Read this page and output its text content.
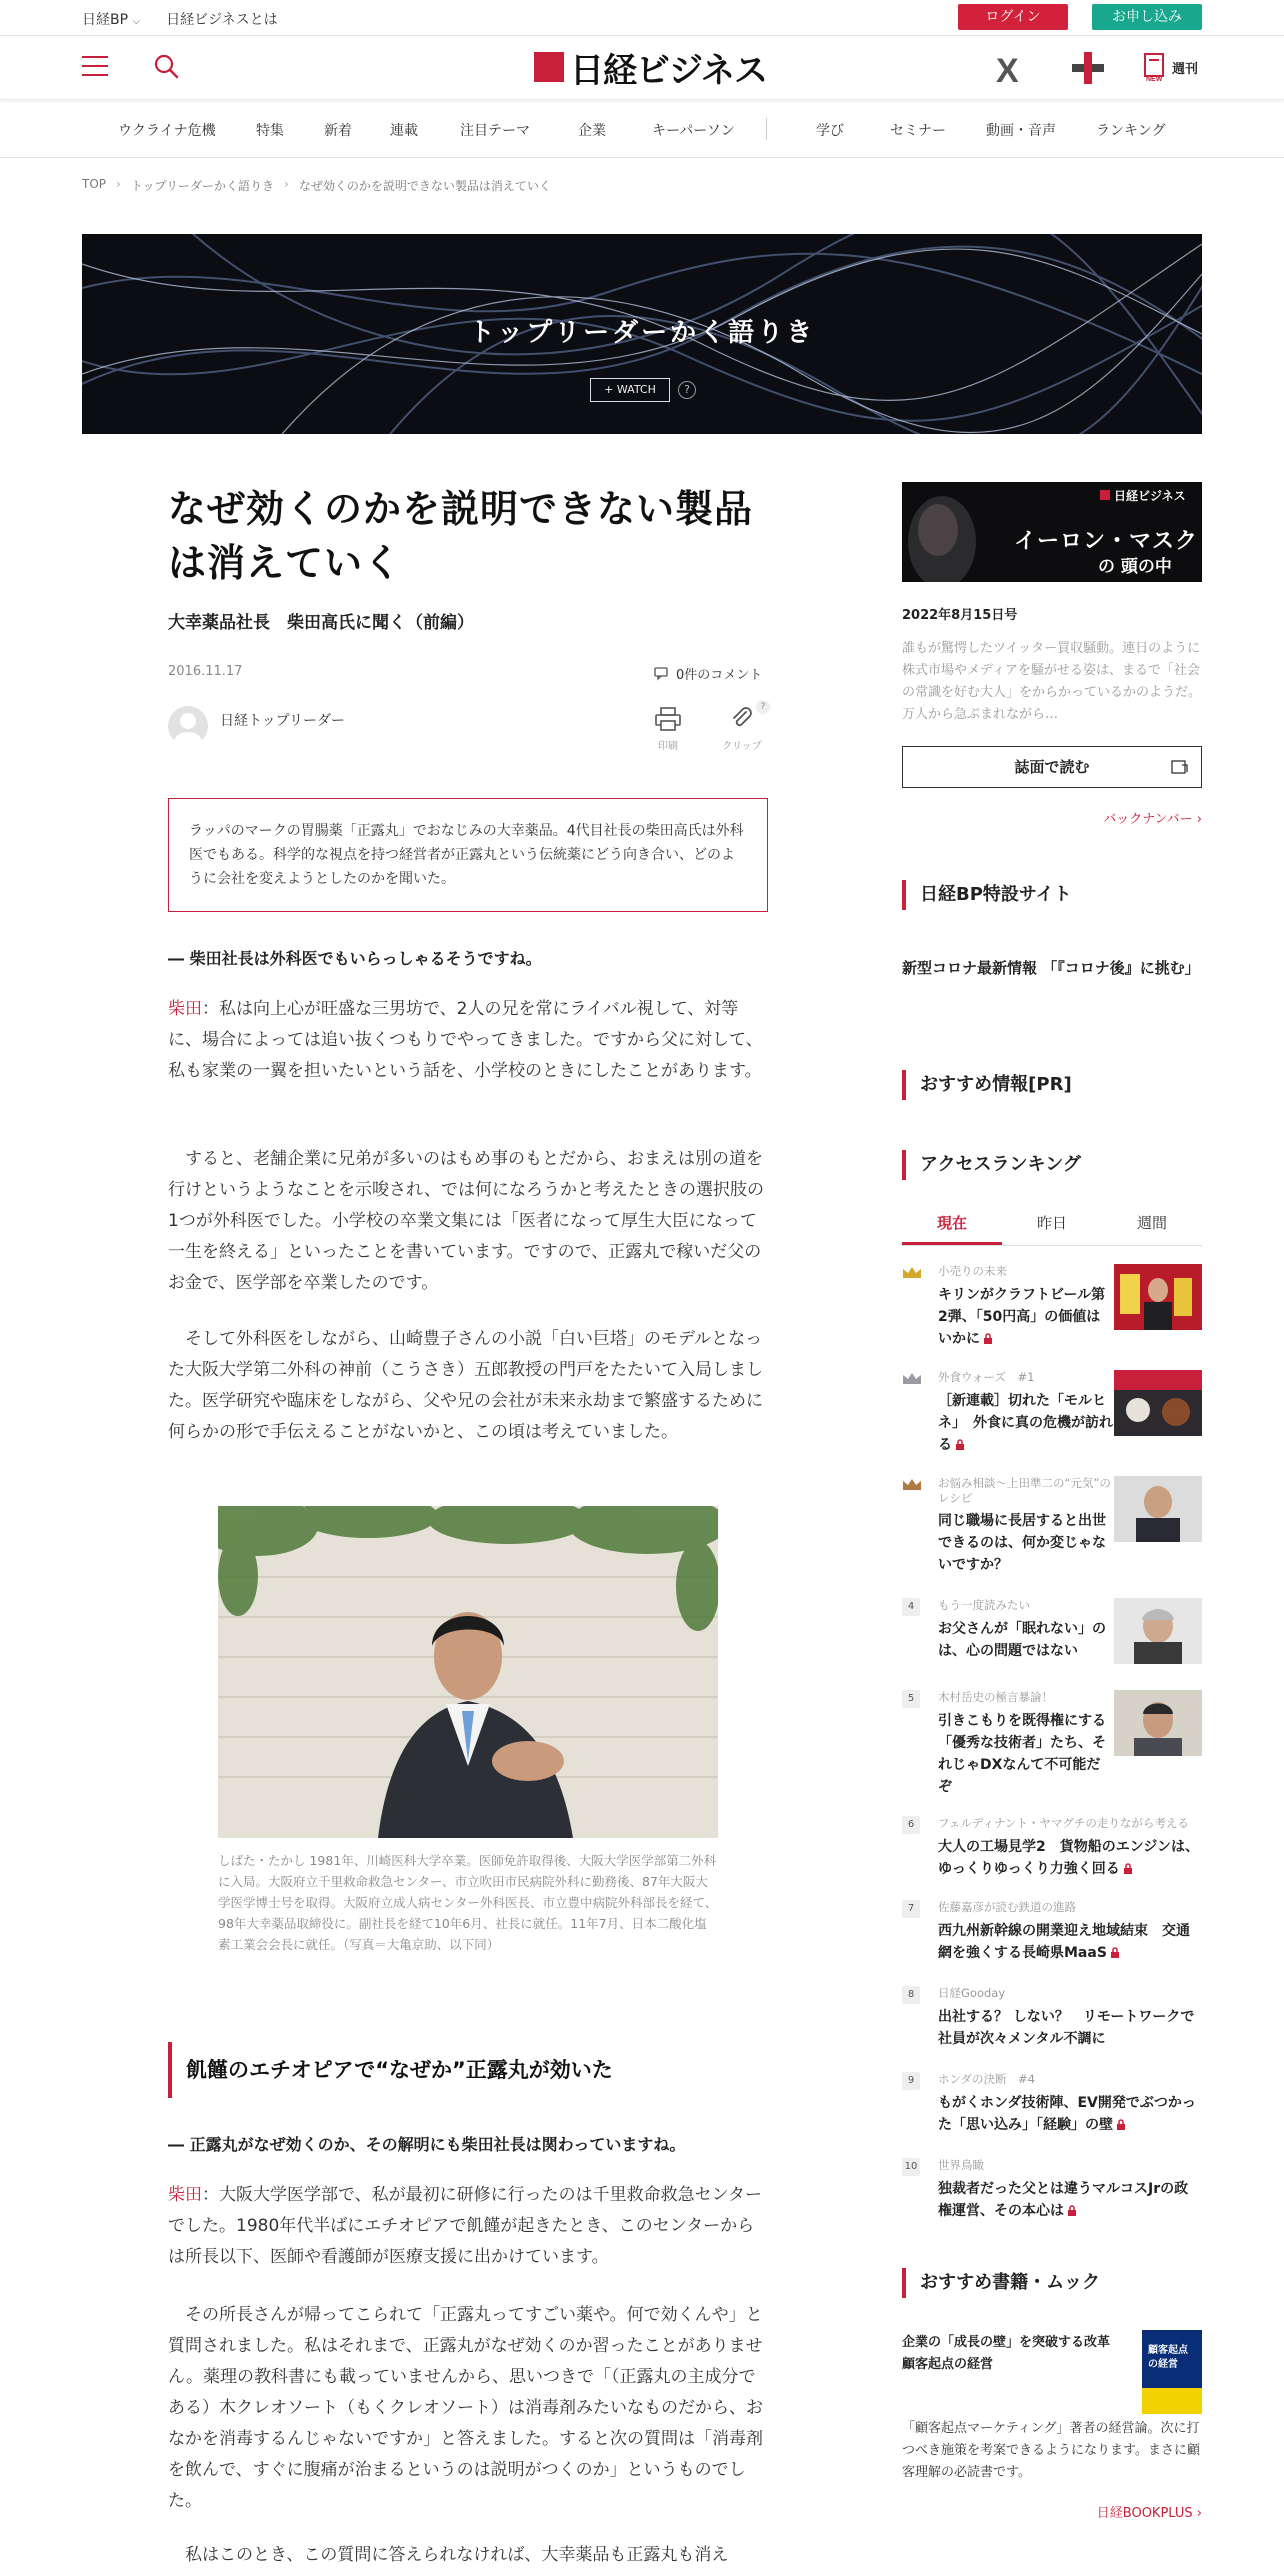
日経BP ⌵ 日経ビジネスとは	ログイン	お申し込み
日経ビジネス	X	NEW
週刊
ウクライナ危機	特集	新着	連載	注目テーマ	企業	キーパーソン	学び	セミナー	動画・音声	ランキング
TOP › トップリーダーかく語りき › なぜ効くのかを説明できない製品は消えていく
トップリーダーかく語りき
+ WATCH	?
なぜ効くのかを説明できない製品は消えていく
大幸薬品社長　柴田高氏に聞く（前編）
2016.11.17	0件のコメント
日経トップリーダー
印刷	クリップ
?
ラッパのマークの胃腸薬「正露丸」でおなじみの大幸薬品。4代目社長の柴田高氏は外科医でもある。科学的な視点を持つ経営者が正露丸という伝統薬にどう向き合い、どのように会社を変えようとしたのかを聞いた。
― 柴田社長は外科医でもいらっしゃるそうですね。

柴田：私は向上心が旺盛な三男坊で、2人の兄を常にライバル視して、対等に、場合によっては追い抜くつもりでやってきました。ですから父に対して、私も家業の一翼を担いたいという話を、小学校のときにしたことがあります。

　すると、老舗企業に兄弟が多いのはもめ事のもとだから、おまえは別の道を行けというようなことを示唆され、では何になろうかと考えたときの選択肢の1つが外科医でした。小学校の卒業文集には「医者になって厚生大臣になって一生を終える」といったことを書いています。ですので、正露丸で稼いだ父のお金で、医学部を卒業したのです。

　そして外科医をしながら、山崎豊子さんの小説「白い巨塔」のモデルとなった大阪大学第二外科の神前（こうさき）五郎教授の門戸をたたいて入局しました。医学研究や臨床をしながら、父や兄の会社が未来永劫まで繁盛するために何らかの形で手伝えることがないかと、この頃は考えていました。

しばた・たかし 1981年、川崎医科大学卒業。医師免許取得後、大阪大学医学部第二外科に入局。大阪府立千里救命救急センター、市立吹田市民病院外科に勤務後、87年大阪大学医学博士号を取得。大阪府立成人病センター外科医長、市立豊中病院外科部長を経て、98年大幸薬品取締役に。副社長を経て10年6月、社長に就任。11年7月、日本二酸化塩素工業会会長に就任。（写真＝大亀京助、以下同）
飢饉のエチオピアで“なぜか”正露丸が効いた
― 正露丸がなぜ効くのか、その解明にも柴田社長は関わっていますね。

柴田：大阪大学医学部で、私が最初に研修に行ったのは千里救命救急センターでした。1980年代半ばにエチオピアで飢饉が起きたとき、このセンターからは所長以下、医師や看護師が医療支援に出かけています。

　その所長さんが帰ってこられて「正露丸ってすごい薬や。何で効くんや」と質問されました。私はそれまで、正露丸がなぜ効くのか習ったことがありません。薬理の教科書にも載っていませんから、思いつきで「（正露丸の主成分である）木クレオソート（もくクレオソート）は消毒剤みたいなものだから、おなかを消毒するんじゃないですか」と答えました。すると次の質問は「消毒剤を飲んで、すぐに腹痛が治まるというのは説明がつくのか」というものでした。

　私はこのとき、この質問に答えられなければ、大幸薬品も正露丸も消え

日経ビジネス
イーロン・マスク
の 頭の中
2022年8月15日号
誰もが驚愕したツイッター買収騒動。連日のように株式市場やメディアを騒がせる姿は、まるで「社会の常識を好む大人」をからかっているかのようだ。万人から急ぶまれながら…
誌面で読む
バックナンバー ›
日経BP特設サイト
新型コロナ最新情報 「『コロナ後』に挑む」
おすすめ情報[PR]
アクセスランキング
現在	昨日	週間
小売りの未来
キリンがクラフトビール第2弾、「50円高」の価値はいかに
外食ウォーズ　#1
［新連載］切れた「モルヒネ」　外食に真の危機が訪れる
お悩み相談～上田準二の“元気”のレシピ
同じ職場に長居すると出世できるのは、何か変じゃないですか？
4	もう一度読みたい
お父さんが「眠れない」のは、心の問題ではない
5	木村岳史の極言暴論！
引きこもりを既得権にする「優秀な技術者」たち、それじゃDXなんて不可能だぞ
6	フェルディナント・ヤマグチの走りながら考える
大人の工場見学2　貨物船のエンジンは、ゆっくりゆっくり力強く回る
7	佐藤嘉彦が読む鉄道の進路
西九州新幹線の開業迎え地域結束　交通網を強くする長崎県MaaS
8	日経Gooday
出社する？ しない？　リモートワークで社員が次々メンタル不調に
9	ホンダの決断　#4
もがくホンダ技術陣、EV開発でぶつかった「思い込み」「経験」の壁
10 世界鳥瞰
独裁者だった父とは違うマルコスJrの政権運営、その本心は
おすすめ書籍・ムック
企業の「成長の壁」を突破する改革 顧客起点の経営
顧客起点の経営
「顧客起点マーケティング」著者の経営論。次に打つべき施策を考案できるようになります。まさに顧客理解の必読書です。
日経BOOKPLUS ›
